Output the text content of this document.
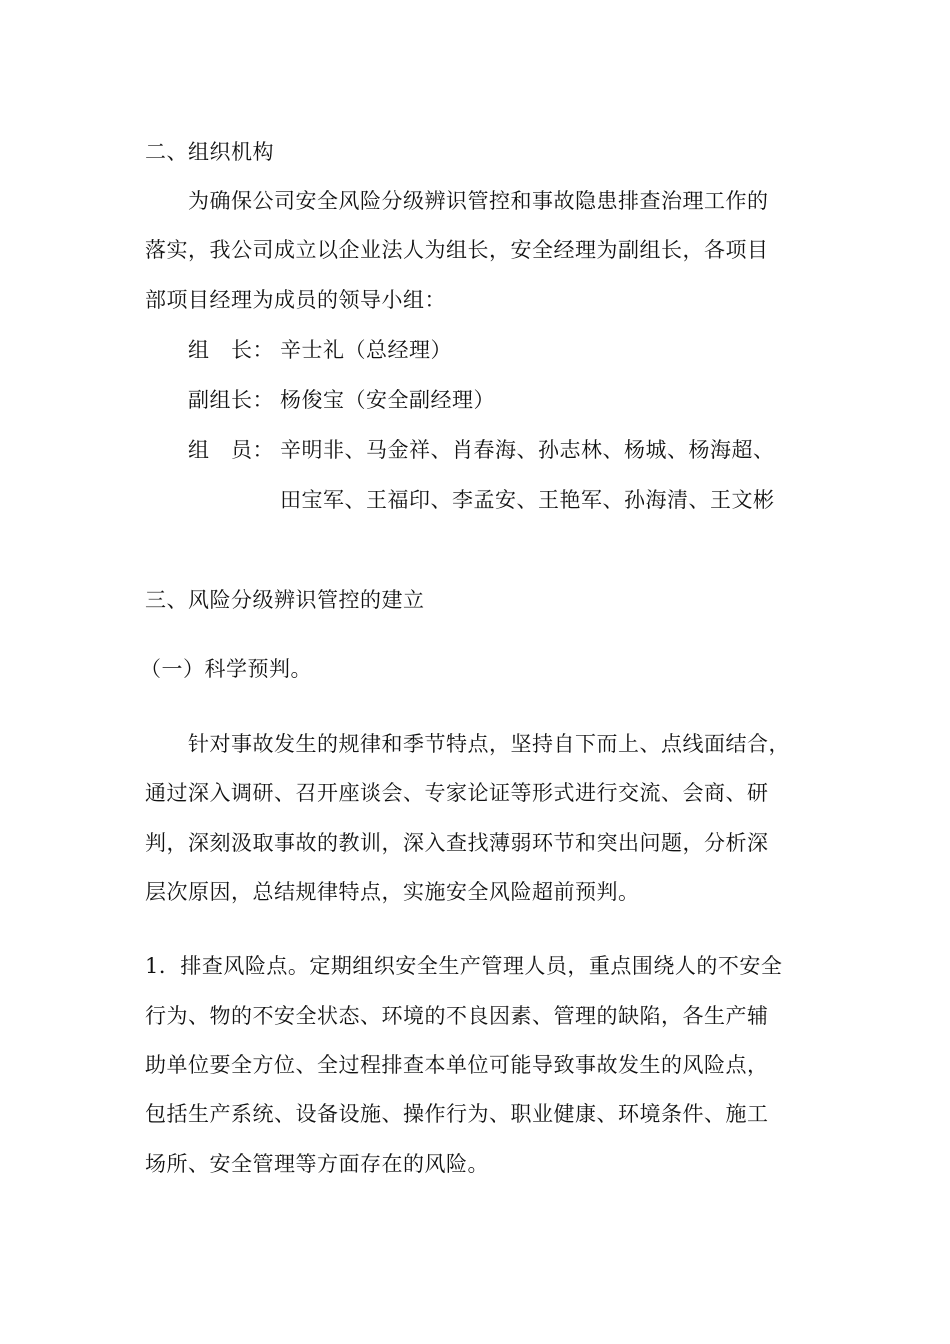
二、组织机构
为确保公司安全风险分级辨识管控和事故隐患排查治理工作的
落实，我公司成立以企业法人为组长，安全经理为副组长，各项目
部项目经理为成员的领导小组：
组　长： 辛士礼（总经理）
副组长： 杨俊宝（安全副经理）
组　员： 辛明非、马金祥、肖春海、孙志林、杨城、杨海超、
田宝军、王福印、李孟安、王艳军、孙海清、王文彬
三、风险分级辨识管控的建立
（一）科学预判。
针对事故发生的规律和季节特点，坚持自下而上、点线面结合，
通过深入调研、召开座谈会、专家论证等形式进行交流、会商、研
判，深刻汲取事故的教训，深入查找薄弱环节和突出问题，分析深
层次原因，总结规律特点，实施安全风险超前预判。
1．排查风险点。定期组织安全生产管理人员，重点围绕人的不安全
行为、物的不安全状态、环境的不良因素、管理的缺陷，各生产辅
助单位要全方位、全过程排查本单位可能导致事故发生的风险点，
包括生产系统、设备设施、操作行为、职业健康、环境条件、施工
场所、安全管理等方面存在的风险。
